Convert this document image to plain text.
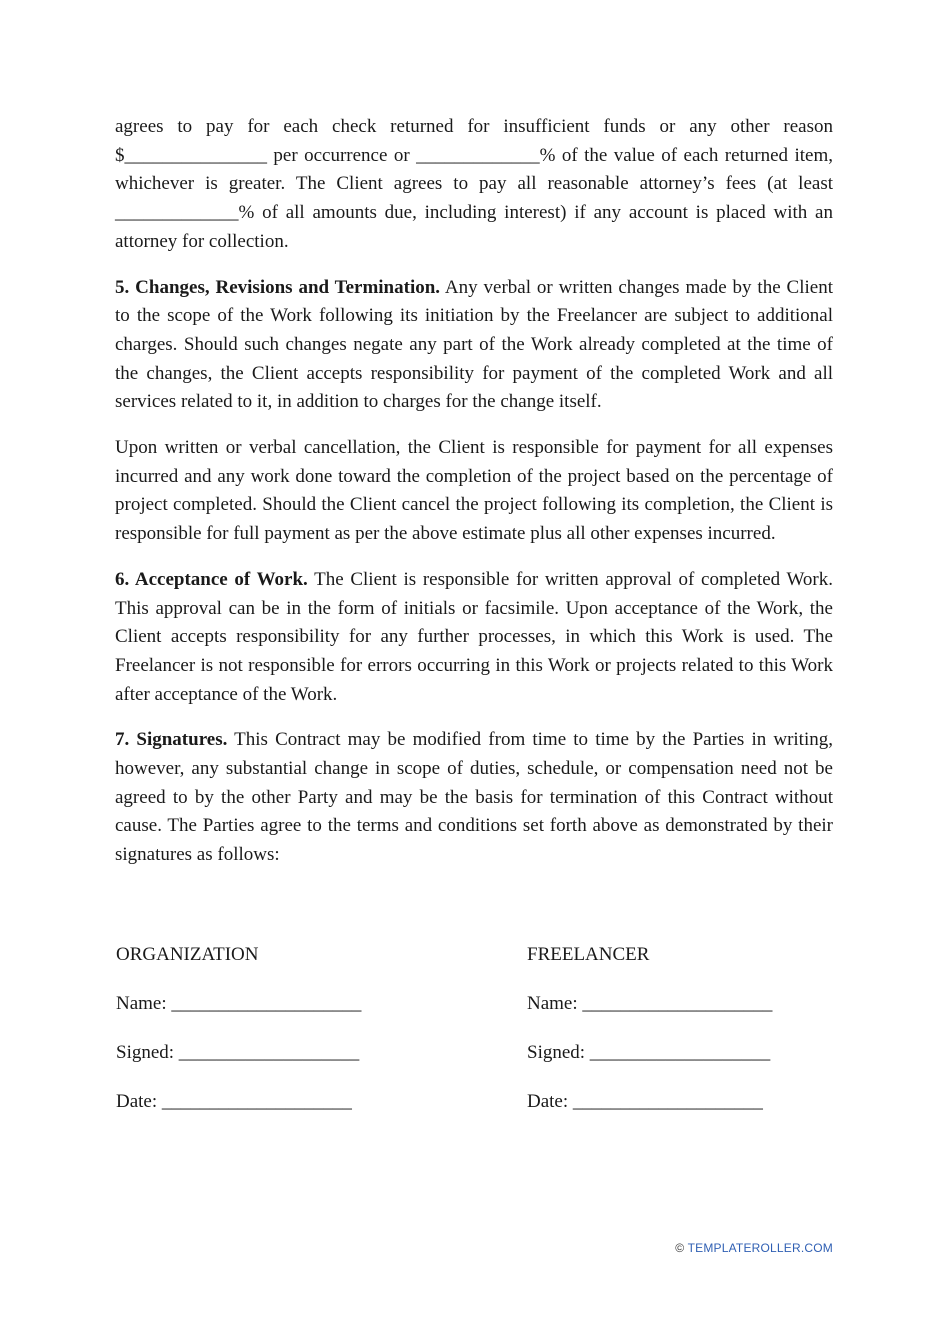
agrees to pay for each check returned for insufficient funds or any other reason $_______________ per occurrence or _____________% of the value of each returned item, whichever is greater. The Client agrees to pay all reasonable attorney’s fees (at least _____________% of all amounts due, including interest) if any account is placed with an attorney for collection.

5. Changes, Revisions and Termination. Any verbal or written changes made by the Client to the scope of the Work following its initiation by the Freelancer are subject to additional charges. Should such changes negate any part of the Work already completed at the time of the changes, the Client accepts responsibility for payment of the completed Work and all services related to it, in addition to charges for the change itself.

Upon written or verbal cancellation, the Client is responsible for payment for all expenses incurred and any work done toward the completion of the project based on the percentage of project completed. Should the Client cancel the project following its completion, the Client is responsible for full payment as per the above estimate plus all other expenses incurred.

6. Acceptance of Work. The Client is responsible for written approval of completed Work. This approval can be in the form of initials or facsimile. Upon acceptance of the Work, the Client accepts responsibility for any further processes, in which this Work is used. The Freelancer is not responsible for errors occurring in this Work or projects related to this Work after acceptance of the Work.

7. Signatures. This Contract may be modified from time to time by the Parties in writing, however, any substantial change in scope of duties, schedule, or compensation need not be agreed to by the other Party and may be the basis for termination of this Contract without cause. The Parties agree to the terms and conditions set forth above as demonstrated by their signatures as follows:

ORGANIZATION
Name: ____________________
Signed: ___________________
Date: ____________________
FREELANCER
Name: ____________________
Signed: ___________________
Date: ____________________
© TEMPLATEROLLER.COM
